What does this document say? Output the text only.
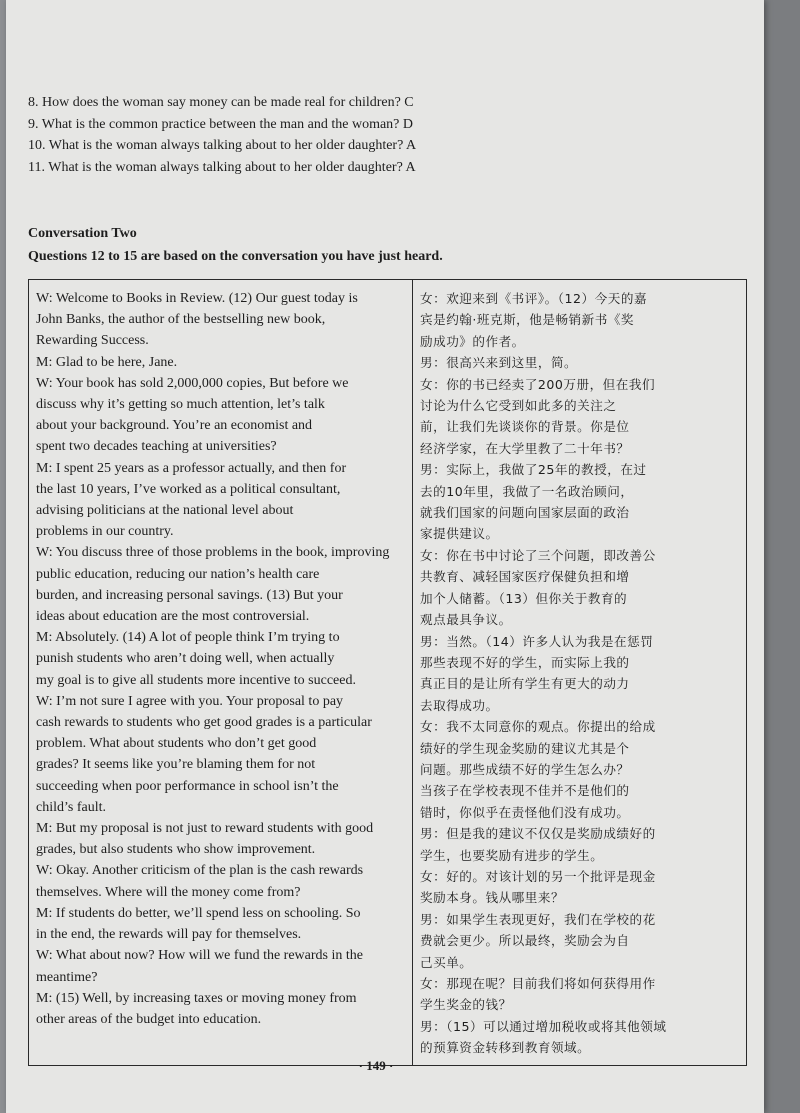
8. How does the woman say money can be made real for children? C
9. What is the common practice between the man and the woman? D
10. What is the woman always talking about to her older daughter? A
11. What is the woman always talking about to her older daughter? A
Conversation Two
Questions 12 to 15 are based on the conversation you have just heard.
W: Welcome to Books in Review. (12) Our guest today is
John Banks, the author of the bestselling new book,
Rewarding Success.
M: Glad to be here, Jane.
W: Your book has sold 2,000,000 copies, But before we
discuss why it’s getting so much attention, let’s talk
about your background. You’re an economist and
spent two decades teaching at universities?
M: I spent 25 years as a professor actually, and then for
the last 10 years, I’ve worked as a political consultant,
advising politicians at the national level about
problems in our country.
W: You discuss three of those problems in the book, improving
public education, reducing our nation’s health care
burden, and increasing personal savings. (13) But your
ideas about education are the most controversial.
M: Absolutely. (14) A lot of people think I’m trying to
punish students who aren’t doing well, when actually
my goal is to give all students more incentive to succeed.
W: I’m not sure I agree with you. Your proposal to pay
cash rewards to students who get good grades is a particular
problem. What about students who don’t get good
grades? It seems like you’re blaming them for not
succeeding when poor performance in school isn’t the
child’s fault.
M: But my proposal is not just to reward students with good
grades, but also students who show improvement.
W: Okay. Another criticism of the plan is the cash rewards
themselves. Where will the money come from?
M: If students do better, we’ll spend less on schooling. So
in the end, the rewards will pay for themselves.
W: What about now? How will we fund the rewards in the
meantime?
M: (15) Well, by increasing taxes or moving money from
other areas of the budget into education.

女：欢迎来到《书评》。（12）今天的嘉
宾是约翰·班克斯，他是畅销新书《奖
励成功》的作者。
男：很高兴来到这里，简。
女：你的书已经卖了200万册，但在我们
讨论为什么它受到如此多的关注之
前，让我们先谈谈你的背景。你是位
经济学家，在大学里教了二十年书？
男：实际上，我做了25年的教授，在过
去的10年里，我做了一名政治顾问，
就我们国家的问题向国家层面的政治
家提供建议。
女：你在书中讨论了三个问题，即改善公
共教育、减轻国家医疗保健负担和增
加个人储蓄。（13）但你关于教育的
观点最具争议。
男：当然。（14）许多人认为我是在惩罚
那些表现不好的学生，而实际上我的
真正目的是让所有学生有更大的动力
去取得成功。
女：我不太同意你的观点。你提出的给成
绩好的学生现金奖励的建议尤其是个
问题。那些成绩不好的学生怎么办？
当孩子在学校表现不佳并不是他们的
错时，你似乎在责怪他们没有成功。
男：但是我的建议不仅仅是奖励成绩好的
学生，也要奖励有进步的学生。
女：好的。对该计划的另一个批评是现金
奖励本身。钱从哪里来？
男：如果学生表现更好，我们在学校的花
费就会更少。所以最终，奖励会为自
己买单。
女：那现在呢？目前我们将如何获得用作
学生奖金的钱？
男：（15）可以通过增加税收或将其他领域
的预算资金转移到教育领域。
· 149 ·
